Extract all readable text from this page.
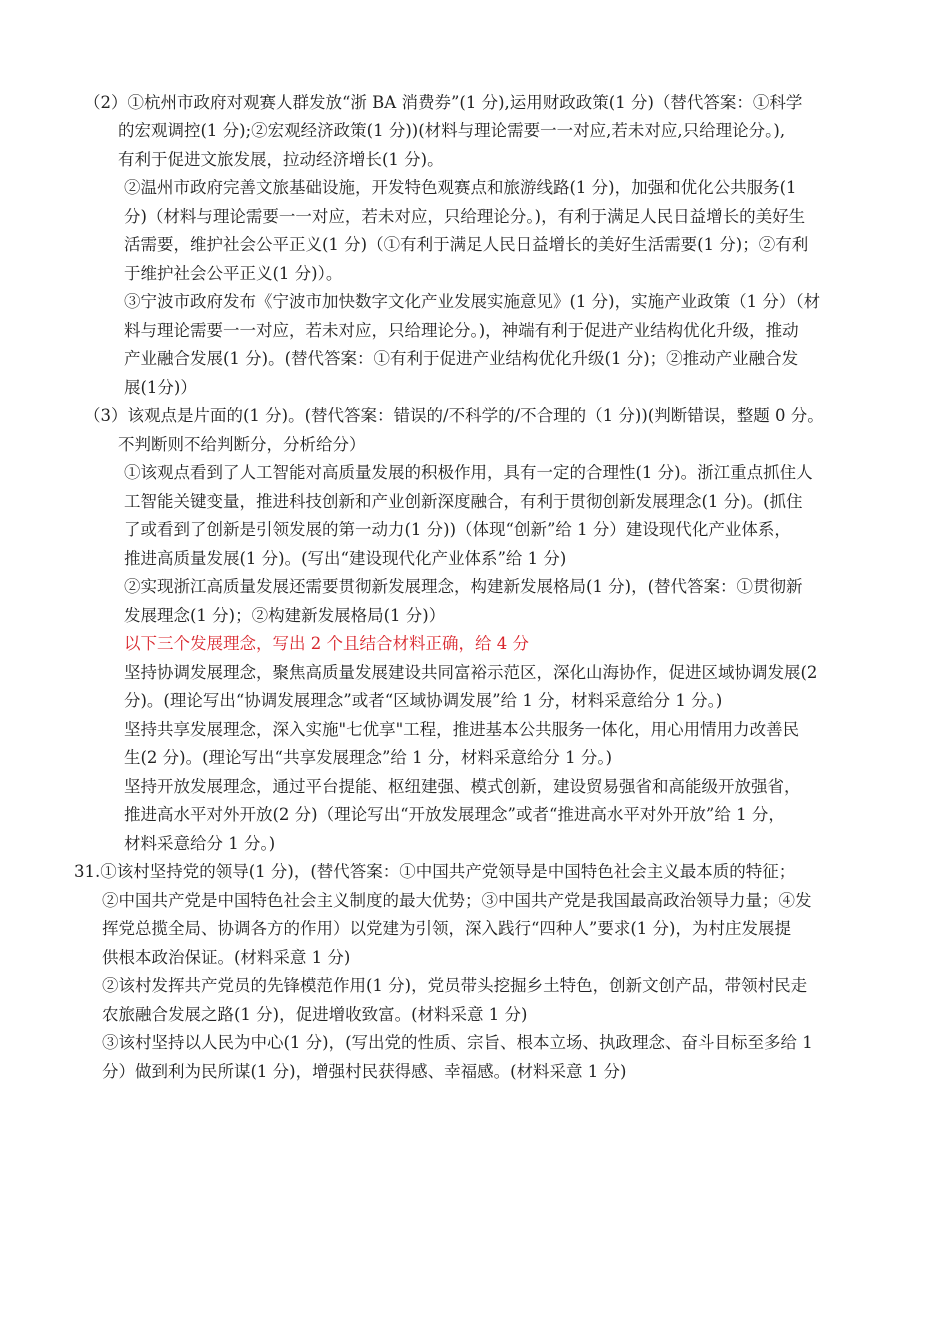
（2）①杭州市政府对观赛人群发放“浙 BA 消费券”(1 分),运用财政政策(1 分)（替代答案：①科学

的宏观调控(1 分);②宏观经济政策(1 分))(材料与理论需要一一对应,若未对应,只给理论分。),

有利于促进文旅发展，拉动经济增长(1 分)。

②温州市政府完善文旅基础设施，开发特色观赛点和旅游线路(1 分)，加强和优化公共服务(1

分)（材料与理论需要一一对应，若未对应，只给理论分。)，有利于满足人民日益增长的美好生

活需要，维护社会公平正义(1 分)（①有利于满足人民日益增长的美好生活需要(1 分)；②有利

于维护社会公平正义(1 分)）。

③宁波市政府发布《宁波市加快数字文化产业发展实施意见》(1 分)，实施产业政策（1 分）（材

料与理论需要一一对应，若未对应，只给理论分。)，神端有利于促进产业结构优化升级，推动

产业融合发展(1 分)。(替代答案：①有利于促进产业结构优化升级(1 分)；②推动产业融合发

展(1分)）

（3）该观点是片面的(1 分)。(替代答案：错误的/不科学的/不合理的（1 分))(判断错误，整题 0 分。

不判断则不给判断分，分析给分）

①该观点看到了人工智能对高质量发展的积极作用，具有一定的合理性(1 分)。浙江重点抓住人

工智能关键变量，推进科技创新和产业创新深度融合，有利于贯彻创新发展理念(1 分)。(抓住

了或看到了创新是引领发展的第一动力(1 分))（体现“创新”给 1 分）建设现代化产业体系，

推进高质量发展(1 分)。(写出“建设现代化产业体系”给 1 分)

②实现浙江高质量发展还需要贯彻新发展理念，构建新发展格局(1 分)，(替代答案：①贯彻新

发展理念(1 分)；②构建新发展格局(1 分)）

以下三个发展理念，写出 2 个且结合材料正确，给 4 分

坚持协调发展理念，聚焦高质量发展建设共同富裕示范区，深化山海协作，促进区域协调发展(2

分)。(理论写出“协调发展理念”或者“区域协调发展”给 1 分，材料采意给分 1 分。)

坚持共享发展理念，深入实施"七优享"工程，推进基本公共服务一体化，用心用情用力改善民

生(2 分)。(理论写出“共享发展理念”给 1 分，材料采意给分 1 分。)

坚持开放发展理念，通过平台提能、枢纽建强、模式创新，建设贸易强省和高能级开放强省，

推进高水平对外开放(2 分)（理论写出“开放发展理念”或者“推进高水平对外开放”给 1 分，

材料采意给分 1 分。)

31.①该村坚持党的领导(1 分)，(替代答案：①中国共产党领导是中国特色社会主义最本质的特征；

②中国共产党是中国特色社会主义制度的最大优势；③中国共产党是我国最高政治领导力量；④发

挥党总揽全局、协调各方的作用）以党建为引领，深入践行“四种人”要求(1 分)，为村庄发展提

供根本政治保证。(材料采意 1 分)

②该村发挥共产党员的先锋模范作用(1 分)，党员带头挖掘乡土特色，创新文创产品，带领村民走

农旅融合发展之路(1 分)，促进增收致富。(材料采意 1 分)

③该村坚持以人民为中心(1 分)，(写出党的性质、宗旨、根本立场、执政理念、奋斗目标至多给 1

分）做到利为民所谋(1 分)，增强村民获得感、幸福感。(材料采意 1 分)
